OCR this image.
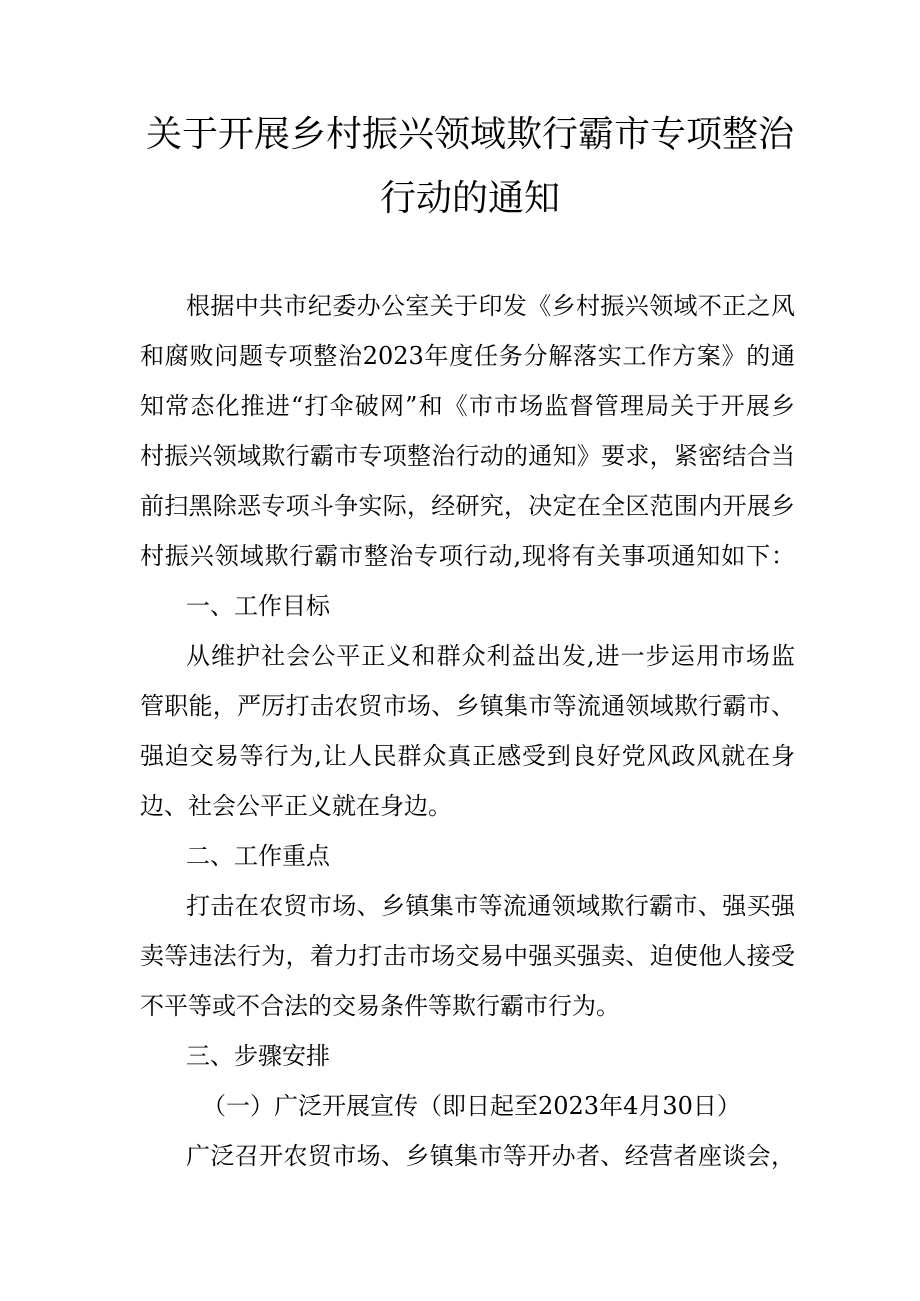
关于开展乡村振兴领域欺行霸市专项整治
行动的通知
根据中共市纪委办公室关于印发《乡村振兴领域不正之风
和腐败问题专项整治2023年度任务分解落实工作方案》的通
知常态化推进“打伞破网”和《市市场监督管理局关于开展乡
村振兴领域欺行霸市专项整治行动的通知》要求，紧密结合当
前扫黑除恶专项斗争实际，经研究，决定在全区范围内开展乡
村振兴领域欺行霸市整治专项行动,现将有关事项通知如下：
一、工作目标
从维护社会公平正义和群众利益出发,进一步运用市场监
管职能，严厉打击农贸市场、乡镇集市等流通领域欺行霸市、
强迫交易等行为,让人民群众真正感受到良好党风政风就在身
边、社会公平正义就在身边。
二、工作重点
打击在农贸市场、乡镇集市等流通领域欺行霸市、强买强
卖等违法行为，着力打击市场交易中强买强卖、迫使他人接受
不平等或不合法的交易条件等欺行霸市行为。
三、步骤安排
（一）广泛开展宣传（即日起至2023年4月30日）
广泛召开农贸市场、乡镇集市等开办者、经营者座谈会，
